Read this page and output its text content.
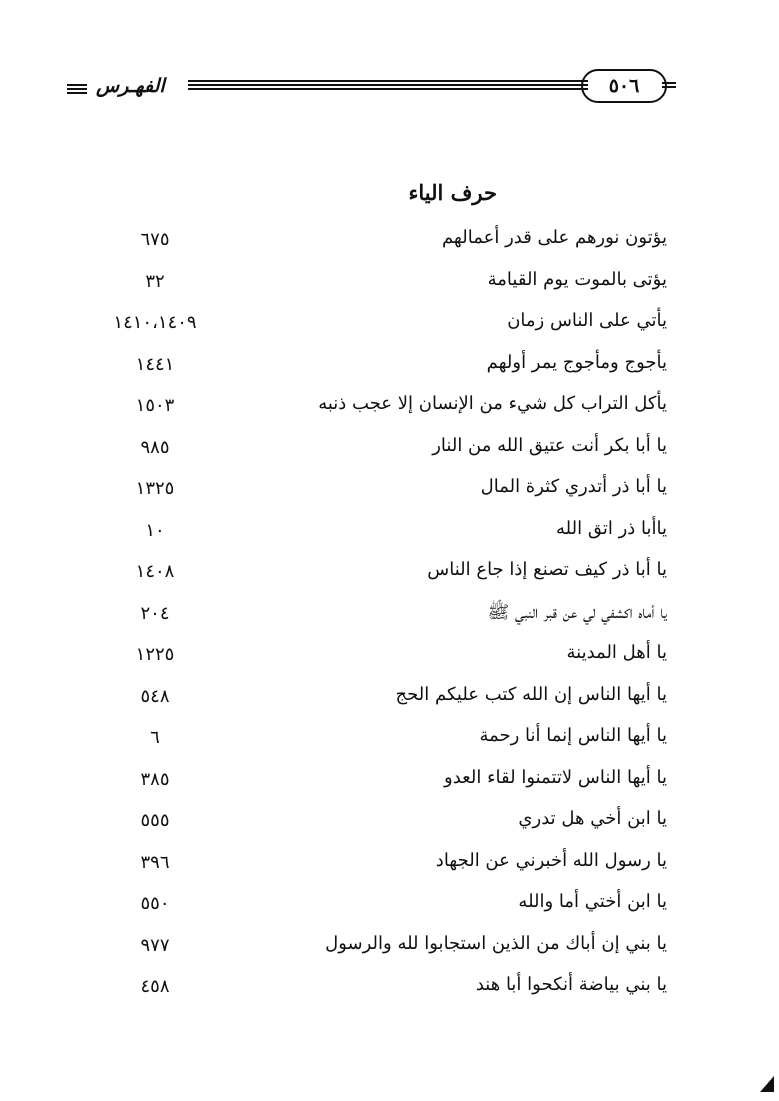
الفهـرس	٥٠٦
حرف الياء
يؤتون نورهم على قدر أعمالهم
٦٧٥
يؤتى بالموت يوم القيامة
٣٢
يأتي على الناس زمان
١٤١٠،١٤٠٩
يأجوج ومأجوج يمر أولهم
١٤٤١
يأكل التراب كل شيء من الإنسان إلا عجب ذنبه
١٥٠٣
يا أبا بكر أنت عتيق الله من النار
٩٨٥
يا أبا ذر أتدري كثرة المال
١٣٢٥
ياأبا ذر اتق الله
١٠
يا أبا ذر كيف تصنع إذا جاع الناس
١٤٠٨
يا أماه اكشفي لي عن قبر النبي ﷺ
٢٠٤
يا أهل المدينة
١٢٢٥
يا أيها الناس إن الله كتب عليكم الحج
٥٤٨
يا أيها الناس إنما أنا رحمة
٦
يا أيها الناس لاتتمنوا لقاء العدو
٣٨٥
يا ابن أخي هل تدري
٥٥٥
يا رسول الله أخبرني عن الجهاد
٣٩٦
يا ابن أختي أما والله
٥٥٠
يا بني إن أباك من الذين استجابوا لله والرسول
٩٧٧
يا بني بياضة أنكحوا أبا هند
٤٥٨
